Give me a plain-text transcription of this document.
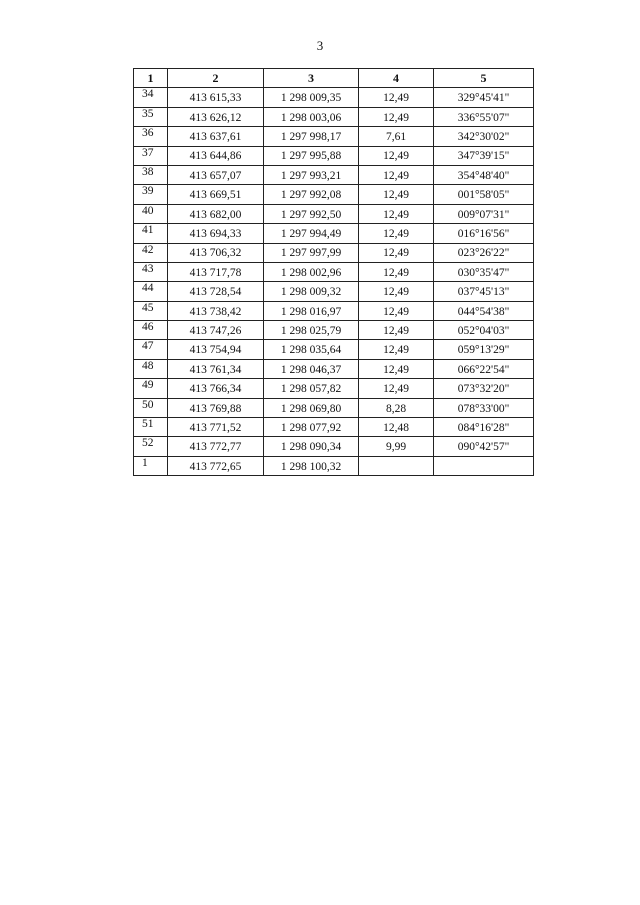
3
1	2	3	4	5
34	413 615,33	1 298 009,35	12,49	329°45'41"
35	413 626,12	1 298 003,06	12,49	336°55'07"
36	413 637,61	1 297 998,17	7,61	342°30'02"
37	413 644,86	1 297 995,88	12,49	347°39'15"
38	413 657,07	1 297 993,21	12,49	354°48'40"
39	413 669,51	1 297 992,08	12,49	001°58'05"
40	413 682,00	1 297 992,50	12,49	009°07'31"
41	413 694,33	1 297 994,49	12,49	016°16'56"
42	413 706,32	1 297 997,99	12,49	023°26'22"
43	413 717,78	1 298 002,96	12,49	030°35'47"
44	413 728,54	1 298 009,32	12,49	037°45'13"
45	413 738,42	1 298 016,97	12,49	044°54'38"
46	413 747,26	1 298 025,79	12,49	052°04'03"
47	413 754,94	1 298 035,64	12,49	059°13'29"
48	413 761,34	1 298 046,37	12,49	066°22'54"
49	413 766,34	1 298 057,82	12,49	073°32'20"
50	413 769,88	1 298 069,80	8,28	078°33'00"
51	413 771,52	1 298 077,92	12,48	084°16'28"
52	413 772,77	1 298 090,34	9,99	090°42'57"
1	413 772,65	1 298 100,32		
